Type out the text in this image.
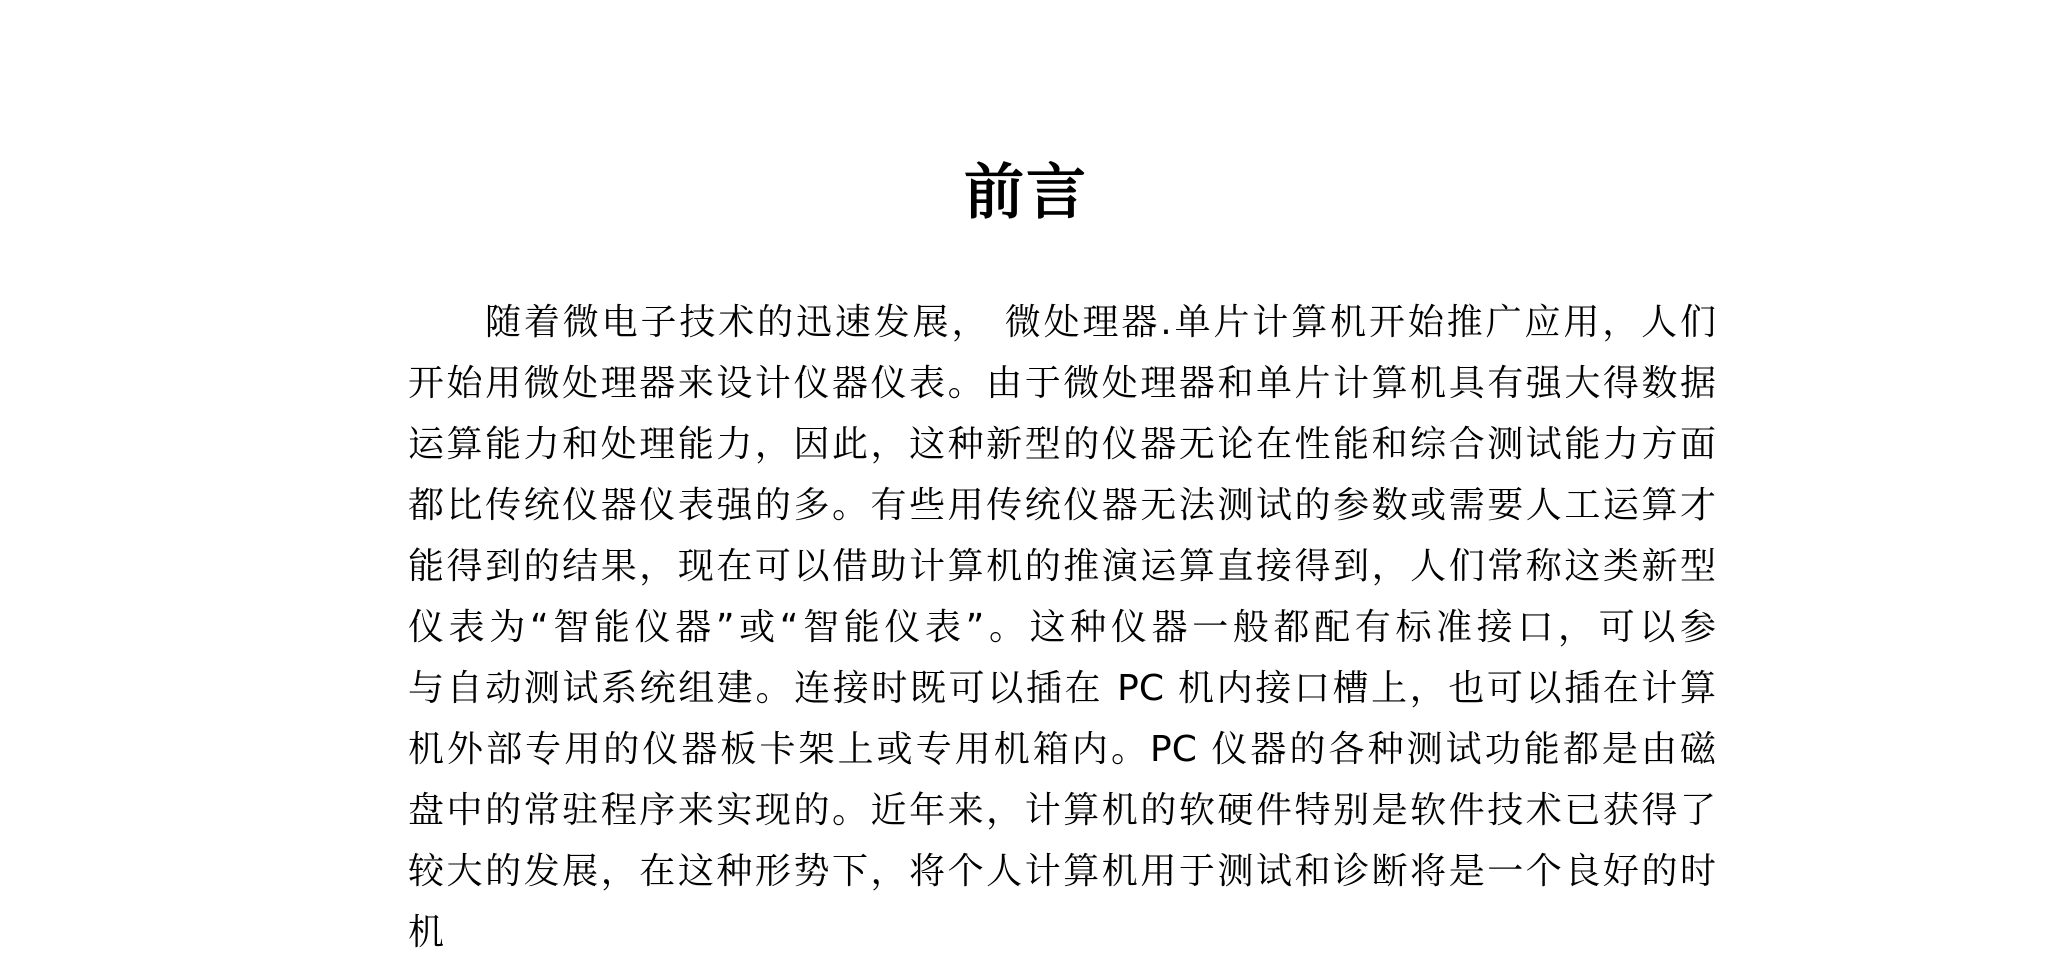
前言
随着微电子技术的迅速发展， 微处理器.单片计算机开始推广应用，人们
开始用微处理器来设计仪器仪表。由于微处理器和单片计算机具有强大得数据
运算能力和处理能力，因此，这种新型的仪器无论在性能和综合测试能力方面
都比传统仪器仪表强的多。有些用传统仪器无法测试的参数或需要人工运算才
能得到的结果，现在可以借助计算机的推演运算直接得到，人们常称这类新型
仪表为“智能仪器”或“智能仪表”。这种仪器一般都配有标准接口，可以参
与自动测试系统组建。连接时既可以插在 PC 机内接口槽上，也可以插在计算
机外部专用的仪器板卡架上或专用机箱内。PC 仪器的各种测试功能都是由磁
盘中的常驻程序来实现的。近年来，计算机的软硬件特别是软件技术已获得了
较大的发展，在这种形势下，将个人计算机用于测试和诊断将是一个良好的时
机
